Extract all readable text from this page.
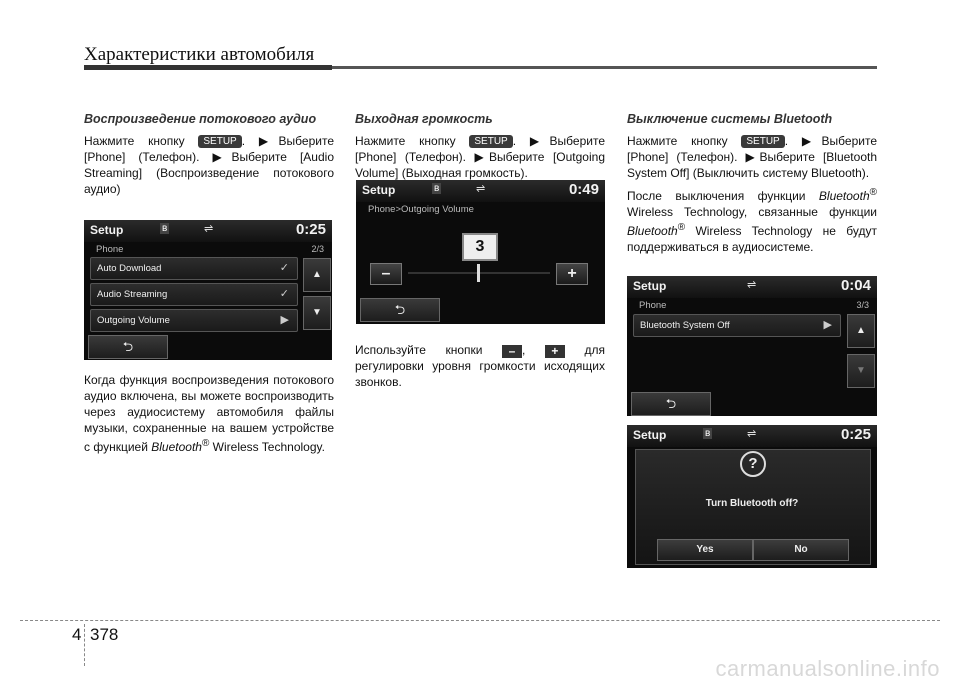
Характеристики автомобиля
Воспроизведение потокового аудио

Нажмите кнопку SETUP . ▶Выберите [Phone] (Телефон). ▶Выберите [Audio Streaming] (Воспроизведение потокового аудио)

Setup	ʙ	⇌	0:25
Phone	2/3
Auto Download	✓
Audio Streaming	✓
Outgoing Volume	▶
▲
▼
⮌

Когда функция воспроизведения потокового аудио включена, вы можете воспроизводить через аудиосистему автомобиля файлы музыки, сохраненные на вашем устройстве с функцией Bluetooth® Wireless Technology.

Выходная громкость

Нажмите кнопку SETUP . ▶Выберите [Phone] (Телефон). ▶Выберите [Outgoing Volume] (Выходная громкость).

Setup	ʙ	⇌	0:49
Phone>Outgoing Volume
3
–	+
⮌

Используйте кнопки – , + для регулировки уровня громкости исходящих звонков.

Выключение системы Bluetooth

Нажмите кнопку SETUP . ▶Выберите [Phone] (Телефон). ▶Выберите [Bluetooth System Off] (Выключить систему Bluetooth).

После выключения функции Bluetooth® Wireless Technology, связанные функции Bluetooth® Wireless Technology не будут поддерживаться в аудиосистеме.

Setup	⇌	0:04
Phone	3/3
Bluetooth System Off	▶	▲
▼
⮌
Setup	ʙ	⇌	0:25
?
Turn Bluetooth off?
Yes	No
4 378
carmanualsonline.info
